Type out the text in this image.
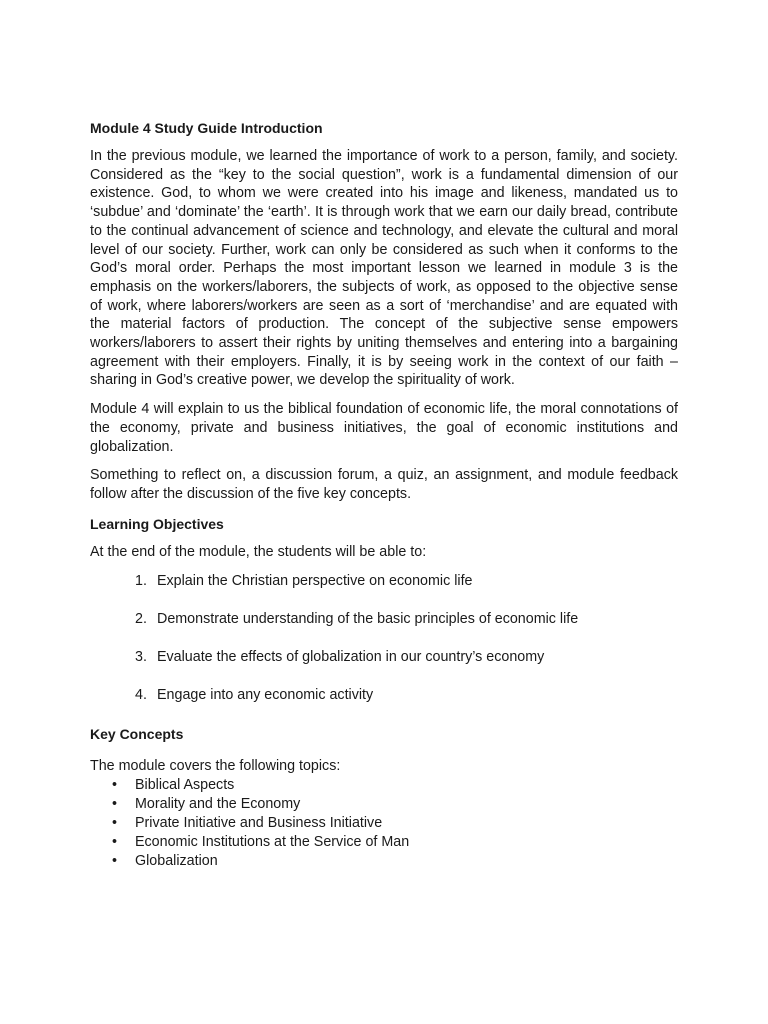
Module 4 Study Guide Introduction

In the previous module, we learned the importance of work to a person, family, and society. Considered as the “key to the social question”, work is a fundamental dimension of our existence. God, to whom we were created into his image and likeness, mandated us to ‘subdue’ and ‘dominate’ the ‘earth’. It is through work that we earn our daily bread, contribute to the continual advancement of science and technology, and elevate the cultural and moral level of our society. Further, work can only be considered as such when it conforms to the God’s moral order. Perhaps the most important lesson we learned in module 3 is the emphasis on the workers/laborers, the subjects of work, as opposed to the objective sense of work, where laborers/workers are seen as a sort of ‘merchandise’ and are equated with the material factors of production. The concept of the subjective sense empowers workers/laborers to assert their rights by uniting themselves and entering into a bargaining agreement with their employers. Finally, it is by seeing work in the context of our faith – sharing in God’s creative power, we develop the spirituality of work.

Module 4 will explain to us the biblical foundation of economic life, the moral connotations of the economy, private and business initiatives, the goal of economic institutions and globalization.

Something to reflect on, a discussion forum, a quiz, an assignment, and module feedback follow after the discussion of the five key concepts.

Learning Objectives

At the end of the module, the students will be able to:

1. Explain the Christian perspective on economic life
2. Demonstrate understanding of the basic principles of economic life
3. Evaluate the effects of globalization in our country’s economy
4. Engage into any economic activity
Key Concepts
The module covers the following topics:
• Biblical Aspects
• Morality and the Economy
• Private Initiative and Business Initiative
• Economic Institutions at the Service of Man
• Globalization
